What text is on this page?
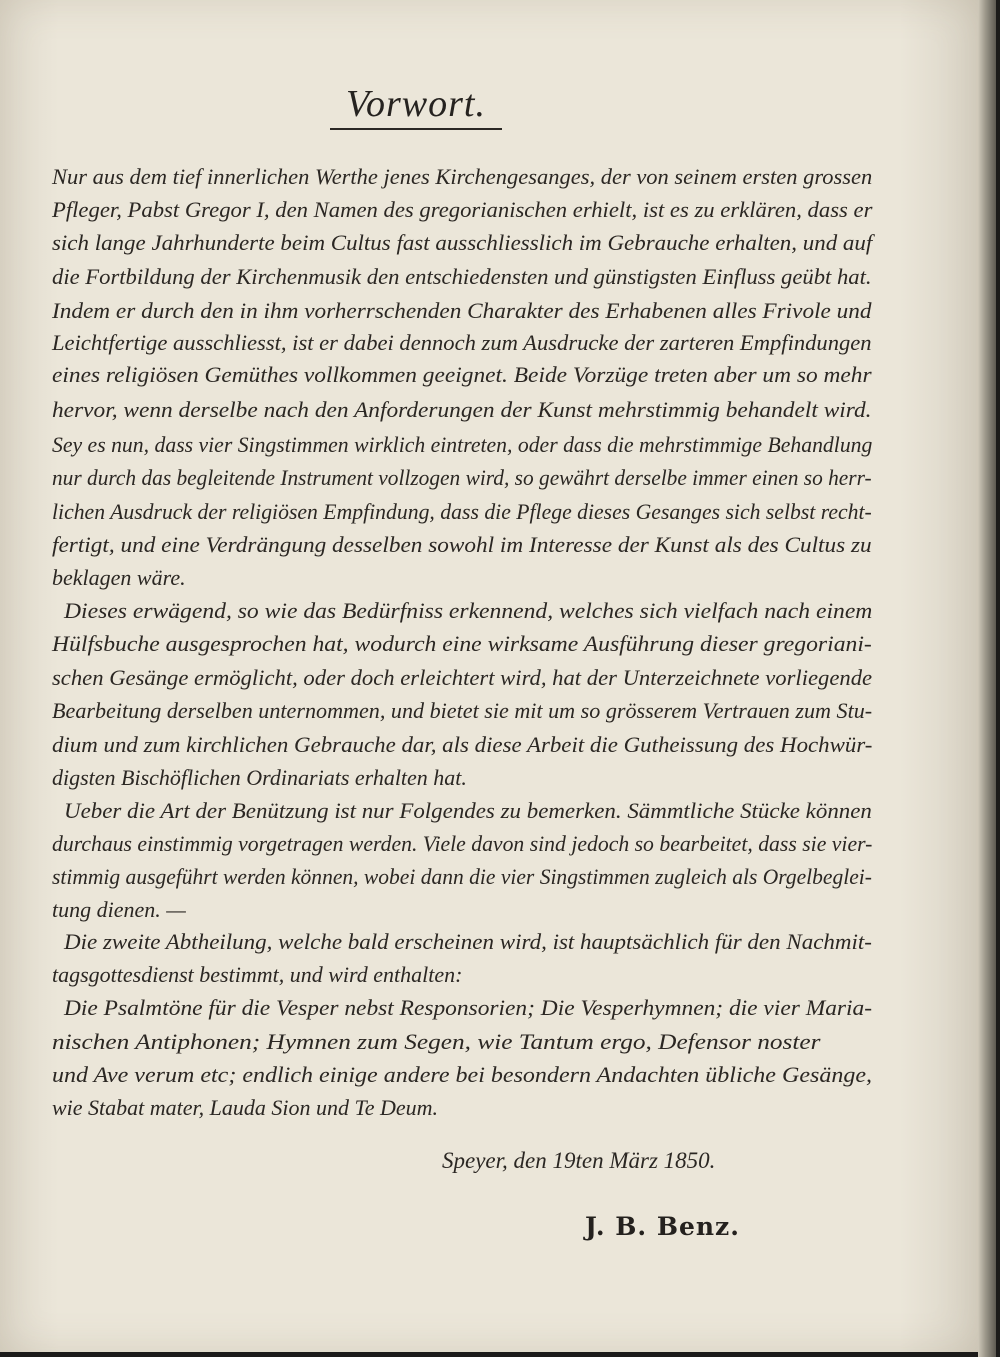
Vorwort.
Nur aus dem tief innerlichen Werthe jenes Kirchengesanges, der von seinem ersten grossen
Pfleger, Pabst Gregor I, den Namen des gregorianischen erhielt, ist es zu erklären, dass er
sich lange Jahrhunderte beim Cultus fast ausschliesslich im Gebrauche erhalten, und auf
die Fortbildung der Kirchenmusik den entschiedensten und günstigsten Einfluss geübt hat.
Indem er durch den in ihm vorherrschenden Charakter des Erhabenen alles Frivole und
Leichtfertige ausschliesst, ist er dabei dennoch zum Ausdrucke der zarteren Empfindungen
eines religiösen Gemüthes vollkommen geeignet. Beide Vorzüge treten aber um so mehr
hervor, wenn derselbe nach den Anforderungen der Kunst mehrstimmig behandelt wird.
Sey es nun, dass vier Singstimmen wirklich eintreten, oder dass die mehrstimmige Behandlung
nur durch das begleitende Instrument vollzogen wird, so gewährt derselbe immer einen so herr-
lichen Ausdruck der religiösen Empfindung, dass die Pflege dieses Gesanges sich selbst recht-
fertigt, und eine Verdrängung desselben sowohl im Interesse der Kunst als des Cultus zu
beklagen wäre.
Dieses erwägend, so wie das Bedürfniss erkennend, welches sich vielfach nach einem
Hülfsbuche ausgesprochen hat, wodurch eine wirksame Ausführung dieser gregoriani-
schen Gesänge ermöglicht, oder doch erleichtert wird, hat der Unterzeichnete vorliegende
Bearbeitung derselben unternommen, und bietet sie mit um so grösserem Vertrauen zum Stu-
dium und zum kirchlichen Gebrauche dar, als diese Arbeit die Gutheissung des Hochwür-
digsten Bischöflichen Ordinariats erhalten hat.
Ueber die Art der Benützung ist nur Folgendes zu bemerken. Sämmtliche Stücke können
durchaus einstimmig vorgetragen werden. Viele davon sind jedoch so bearbeitet, dass sie vier-
stimmig ausgeführt werden können, wobei dann die vier Singstimmen zugleich als Orgelbeglei-
tung dienen. —
Die zweite Abtheilung, welche bald erscheinen wird, ist hauptsächlich für den Nachmit-
tagsgottesdienst bestimmt, und wird enthalten:
Die Psalmtöne für die Vesper nebst Responsorien; Die Vesperhymnen; die vier Maria-
nischen Antiphonen; Hymnen zum Segen, wie Tantum ergo, Defensor noster
und Ave verum etc; endlich einige andere bei besondern Andachten übliche Gesänge,
wie Stabat mater, Lauda Sion und Te Deum.
Speyer, den 19ten März 1850.
J. B. Benz.
